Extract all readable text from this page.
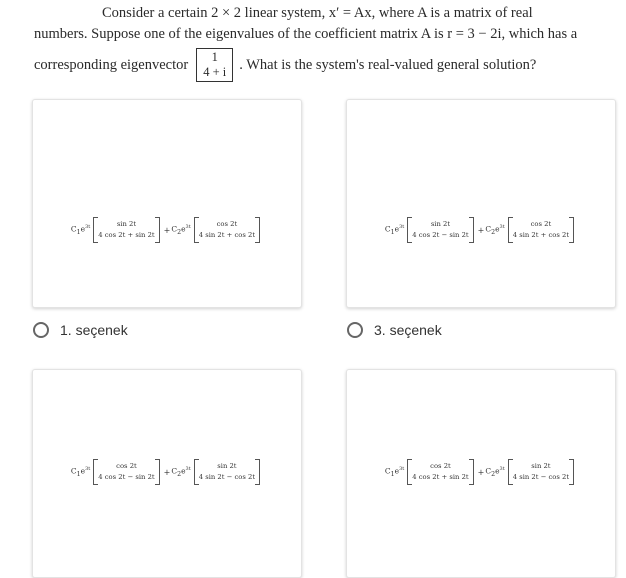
Consider a certain 2 × 2 linear system, x′ = Ax, where A is a matrix of real
numbers. Suppose one of the eigenvalues of the coefficient matrix A is r = 3 − 2i, which has a
corresponding eigenvector 1
4 + i . What is the system's real-valued general solution?
$C_1e^{3t}$	sin 2t
4 cos 2t + sin 2t
+ $C_2e^{3t}$	cos 2t
4 sin 2t + cos 2t
1. seçenek
$C_1e^{3t}$	sin 2t
4 cos 2t − sin 2t
+ $C_2e^{3t}$	cos 2t
4 sin 2t + cos 2t
3. seçenek
$C_1e^{3t}$	cos 2t
4 cos 2t − sin 2t
+ $C_2e^{3t}$	sin 2t
4 sin 2t − cos 2t
$C_1e^{3t}$	cos 2t
4 cos 2t + sin 2t
+ $C_2e^{3t}$	sin 2t
4 sin 2t − cos 2t
